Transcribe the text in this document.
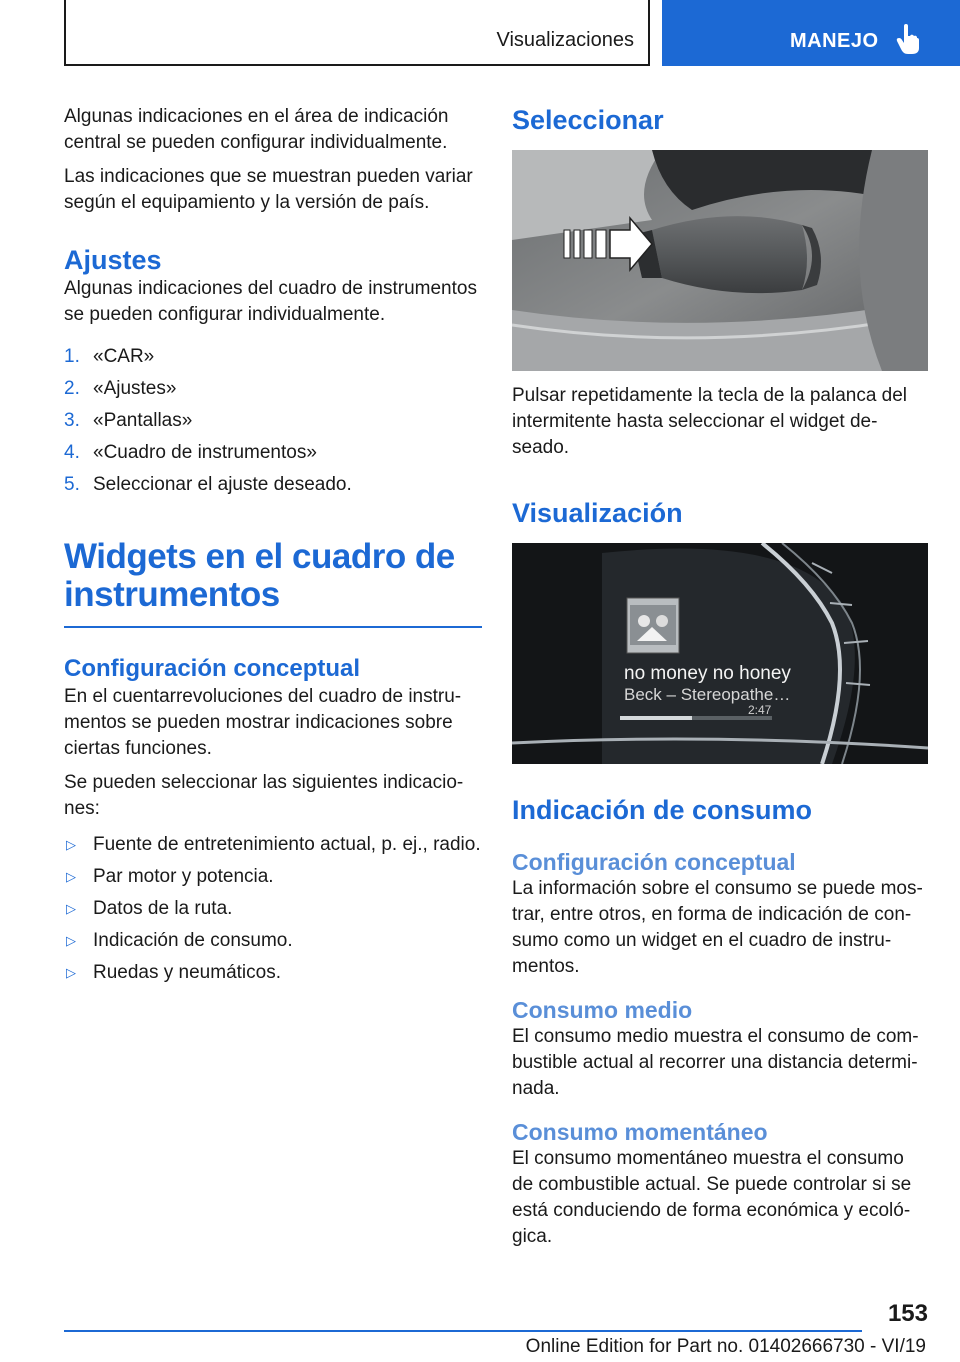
Visualizaciones	MANEJO

Algunas indicaciones en el área de indicación central se pueden configurar individualmente.

Las indicaciones que se muestran pueden variar según el equipamiento y la versión de país.

Ajustes

Algunas indicaciones del cuadro de instrumentos se pueden configurar individualmente.

1. «CAR»
2. «Ajustes»
3. «Pantallas»
4. «Cuadro de instrumentos»
5. Seleccionar el ajuste deseado.
Widgets en el cuadro de instrumentos
Configuración conceptual

En el cuentarrevoluciones del cuadro de instrumentos se pueden mostrar indicaciones sobre ciertas funciones.

Se pueden seleccionar las siguientes indicaciones:

▷ Fuente de entretenimiento actual, p. ej., radio.
▷ Par motor y potencia.
▷ Datos de la ruta.
▷ Indicación de consumo.
▷ Ruedas y neumáticos.
Seleccionar

Pulsar repetidamente la tecla de la palanca del intermitente hasta seleccionar el widget deseado.

Visualización
no money no honey
Beck – Stereopathe…
2:47
Indicación de consumo
Configuración conceptual

La información sobre el consumo se puede mostrar, entre otros, en forma de indicación de consumo como un widget en el cuadro de instrumentos.

Consumo medio

El consumo medio muestra el consumo de combustible actual al recorrer una distancia determinada.

Consumo momentáneo

El consumo momentáneo muestra el consumo de combustible actual. Se puede controlar si se está conduciendo de forma económica y ecológica.

153
Online Edition for Part no. 01402666730 - VI/19
